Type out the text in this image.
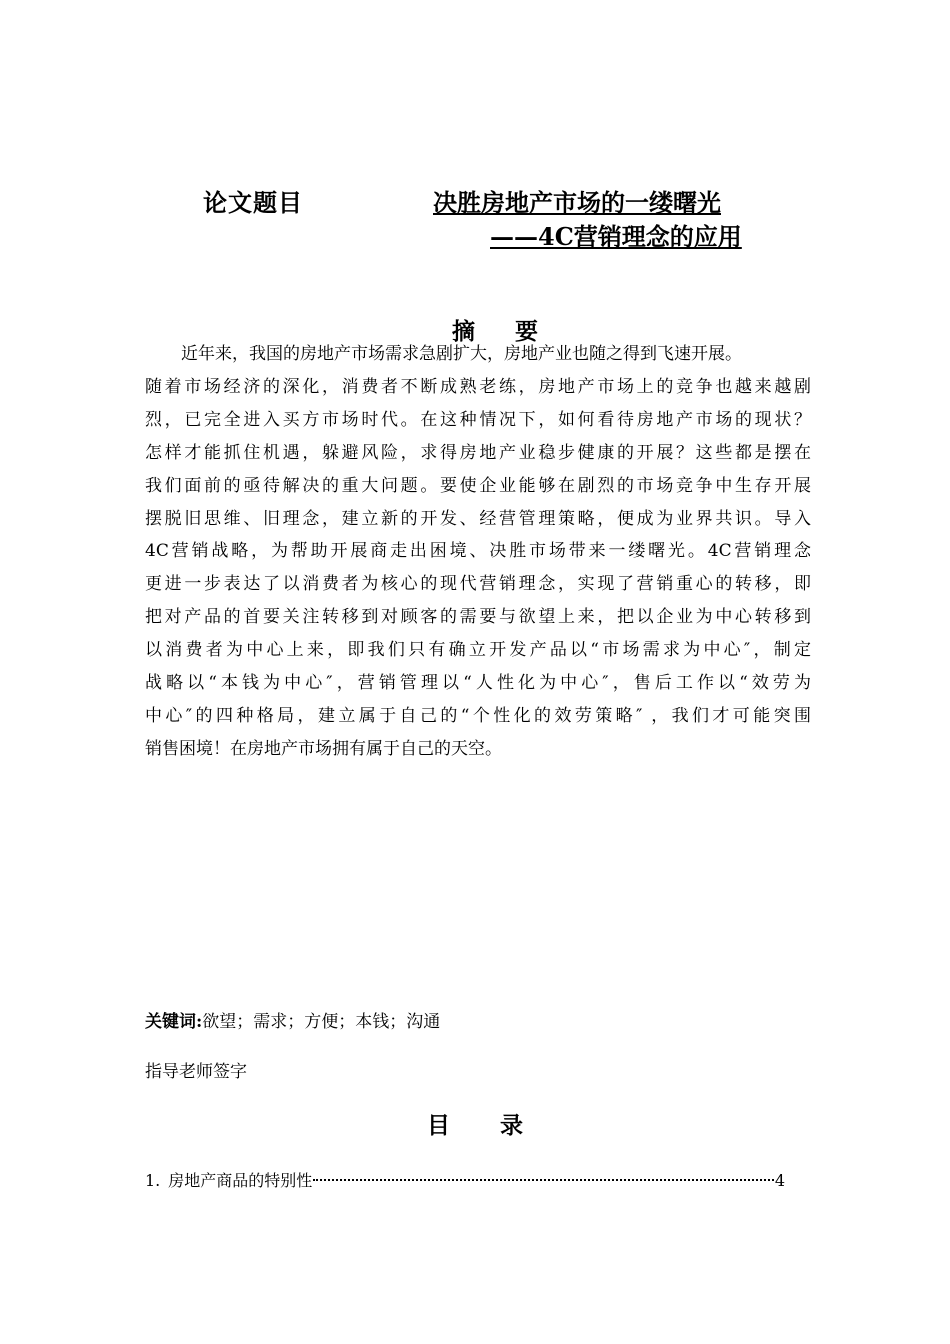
论文题目	决胜房地产市场的一缕曙光
——4C营销理念的应用
摘要
近年来，我国的房地产市场需求急剧扩大，房地产业也随之得到飞速开展。
随着市场经济的深化，消费者不断成熟老练，房地产市场上的竞争也越来越剧
烈，已完全进入买方市场时代。在这种情况下，如何看待房地产市场的现状？
怎样才能抓住机遇，躲避风险，求得房地产业稳步健康的开展？这些都是摆在
我们面前的亟待解决的重大问题。要使企业能够在剧烈的市场竞争中生存开展
摆脱旧思维、旧理念，建立新的开发、经营管理策略，便成为业界共识。导入
4C营销战略，为帮助开展商走出困境、决胜市场带来一缕曙光。4C营销理念
更进一步表达了以消费者为核心的现代营销理念，实现了营销重心的转移，即
把对产品的首要关注转移到对顾客的需要与欲望上来，把以企业为中心转移到
以消费者为中心上来，即我们只有确立开发产品以“市场需求为中心″，制定
战略以“本钱为中心″，营销管理以“人性化为中心″，售后工作以“效劳为
中心″的四种格局，建立属于自己的“个性化的效劳策略″ ，我们才可能突围
销售困境！在房地产市场拥有属于自己的天空。
关键词:欲望；需求；方便；本钱；沟通
指导老师签字
目录
1. 房地产商品的特别性	4
